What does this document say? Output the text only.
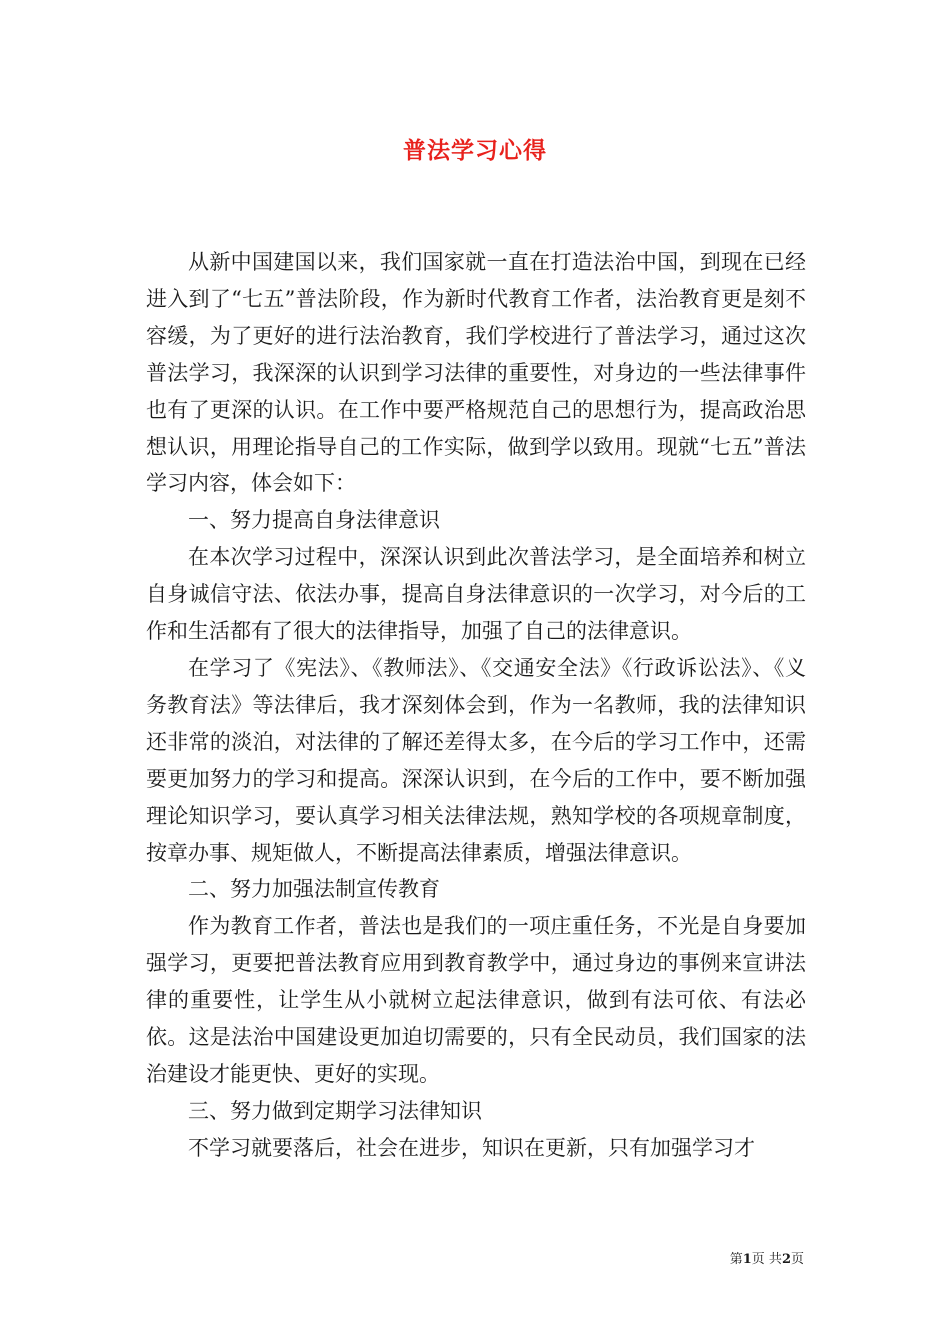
普法学习心得

从新中国建国以来，我们国家就一直在打造法治中国，到现在已经进入到了“七五”普法阶段，作为新时代教育工作者，法治教育更是刻不容缓，为了更好的进行法治教育，我们学校进行了普法学习，通过这次普法学习，我深深的认识到学习法律的重要性，对身边的一些法律事件也有了更深的认识。在工作中要严格规范自己的思想行为，提高政治思想认识，用理论指导自己的工作实际，做到学以致用。现就“七五”普法学习内容，体会如下：

一、努力提高自身法律意识

在本次学习过程中，深深认识到此次普法学习，是全面培养和树立自身诚信守法、依法办事，提高自身法律意识的一次学习，对今后的工作和生活都有了很大的法律指导，加强了自己的法律意识。

在学习了《宪法》、《教师法》、《交通安全法》《行政诉讼法》、《义务教育法》等法律后，我才深刻体会到，作为一名教师，我的法律知识还非常的淡泊，对法律的了解还差得太多，在今后的学习工作中，还需要更加努力的学习和提高。深深认识到，在今后的工作中，要不断加强理论知识学习，要认真学习相关法律法规，熟知学校的各项规章制度，按章办事、规矩做人，不断提高法律素质，增强法律意识。

二、努力加强法制宣传教育

作为教育工作者，普法也是我们的一项庄重任务，不光是自身要加强学习，更要把普法教育应用到教育教学中，通过身边的事例来宣讲法律的重要性，让学生从小就树立起法律意识，做到有法可依、有法必依。这是法治中国建设更加迫切需要的，只有全民动员，我们国家的法治建设才能更快、更好的实现。

三、努力做到定期学习法律知识

不学习就要落后，社会在进步，知识在更新，只有加强学习才

第1页 共2页
